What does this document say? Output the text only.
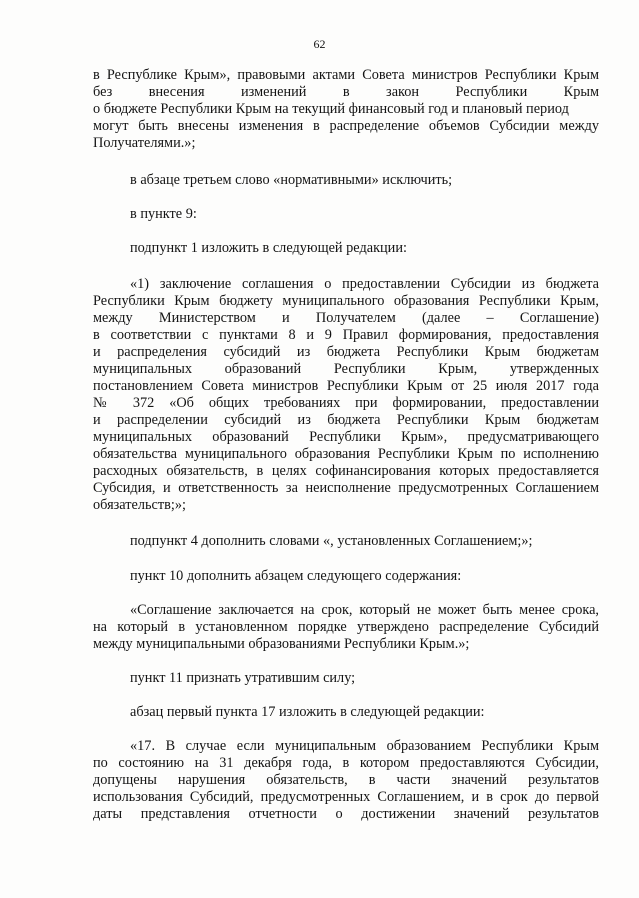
62
в Республике Крым», правовыми актами Совета министров Республики Крым
без внесения изменений в закон Республики Крым
о бюджете Республики Крым на текущий финансовый год и плановый период
могут быть внесены изменения в распределение объемов Субсидии между
Получателями.»;
в абзаце третьем слово «нормативными» исключить;
в пункте 9:
подпункт 1 изложить в следующей редакции:
«1) заключение соглашения о предоставлении Субсидии из бюджета
Республики Крым бюджету муниципального образования Республики Крым,
между Министерством и Получателем (далее – Соглашение)
в соответствии с пунктами 8 и 9 Правил формирования, предоставления
и распределения субсидий из бюджета Республики Крым бюджетам
муниципальных образований Республики Крым, утвержденных
постановлением Совета министров Республики Крым от 25 июля 2017 года
№ 372 «Об общих требованиях при формировании, предоставлении
и распределении субсидий из бюджета Республики Крым бюджетам
муниципальных образований Республики Крым», предусматривающего
обязательства муниципального образования Республики Крым по исполнению
расходных обязательств, в целях софинансирования которых предоставляется
Субсидия, и ответственность за неисполнение предусмотренных Соглашением
обязательств;»;
подпункт 4 дополнить словами «, установленных Соглашением;»;
пункт 10 дополнить абзацем следующего содержания:
«Соглашение заключается на срок, который не может быть менее срока,
на который в установленном порядке утверждено распределение Субсидий
между муниципальными образованиями Республики Крым.»;
пункт 11 признать утратившим силу;
абзац первый пункта 17 изложить в следующей редакции:
«17. В случае если муниципальным образованием Республики Крым
по состоянию на 31 декабря года, в котором предоставляются Субсидии,
допущены нарушения обязательств, в части значений результатов
использования Субсидий, предусмотренных Соглашением, и в срок до первой
даты представления отчетности о достижении значений результатов
